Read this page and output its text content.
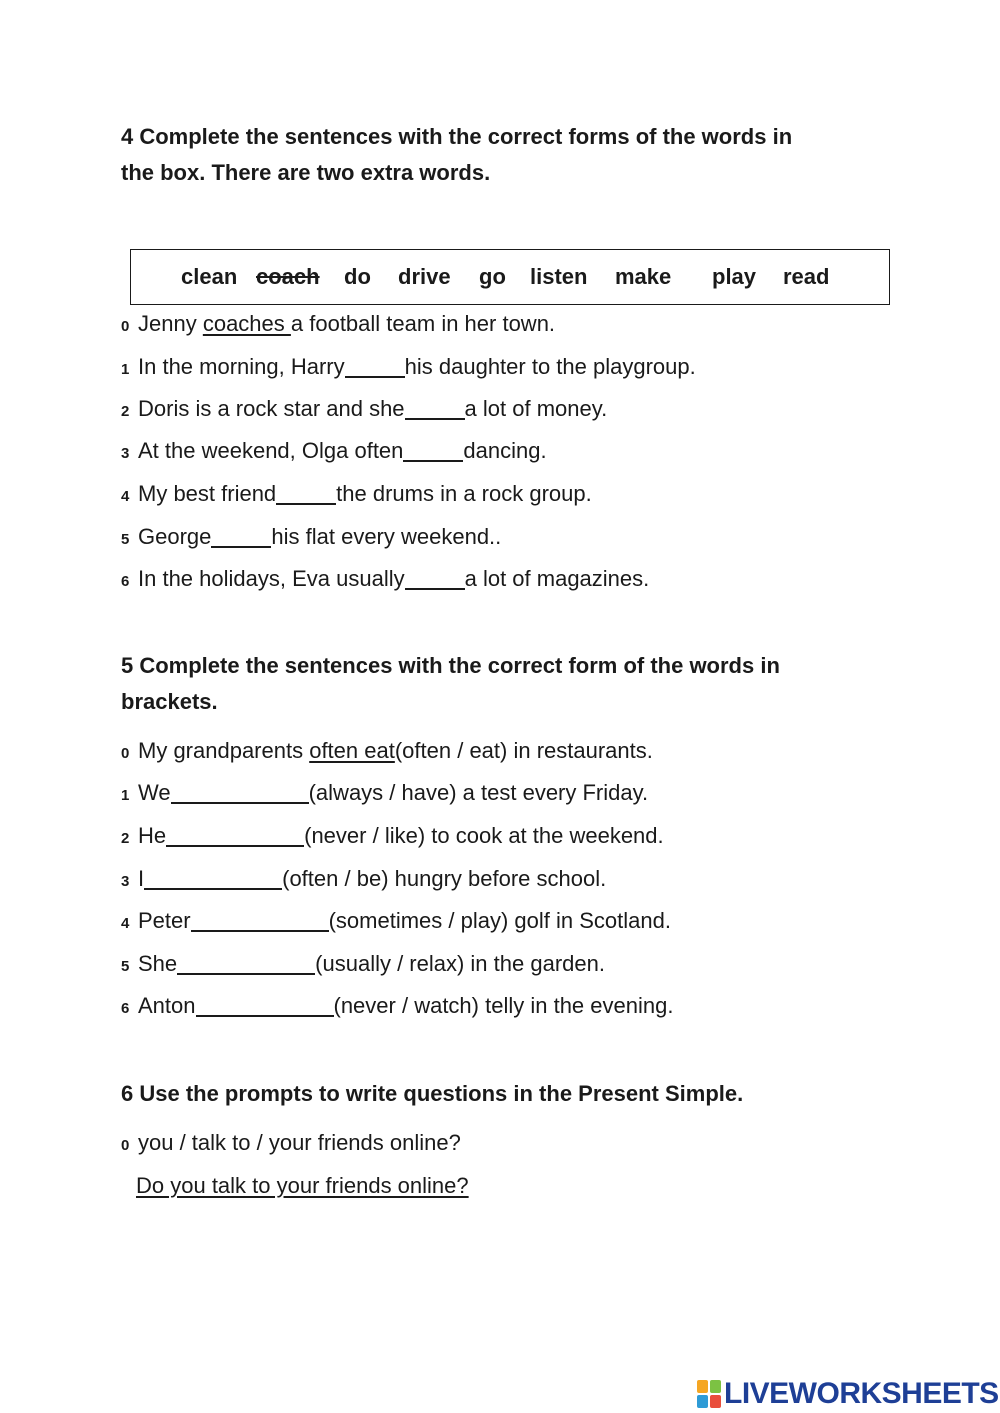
4 Complete the sentences with the correct forms of the words in
the box. There are two extra words.
clean coach do drive go listen make play read
0 Jenny coaches a football team in her town.
1 In the morning, Harry	his daughter to the playgroup.
2 Doris is a rock star and she	a lot of money.
3 At the weekend, Olga often	dancing.
4 My best friend	the drums in a rock group.
5 George	his flat every weekend..
6 In the holidays, Eva usually	a lot of magazines.
5 Complete the sentences with the correct form of the words in
brackets.
0 My grandparents often eat(often / eat) in restaurants.
1 We	(always / have) a test every Friday.
2 He	(never / like) to cook at the weekend.
3 I	(often / be) hungry before school.
4 Peter	(sometimes / play) golf in Scotland.
5 She	(usually / relax) in the garden.
6 Anton	(never / watch) telly in the evening.
6 Use the prompts to write questions in the Present Simple.
0 you / talk to / your friends online?
Do you talk to your friends online?
LIVEWORKSHEETS
